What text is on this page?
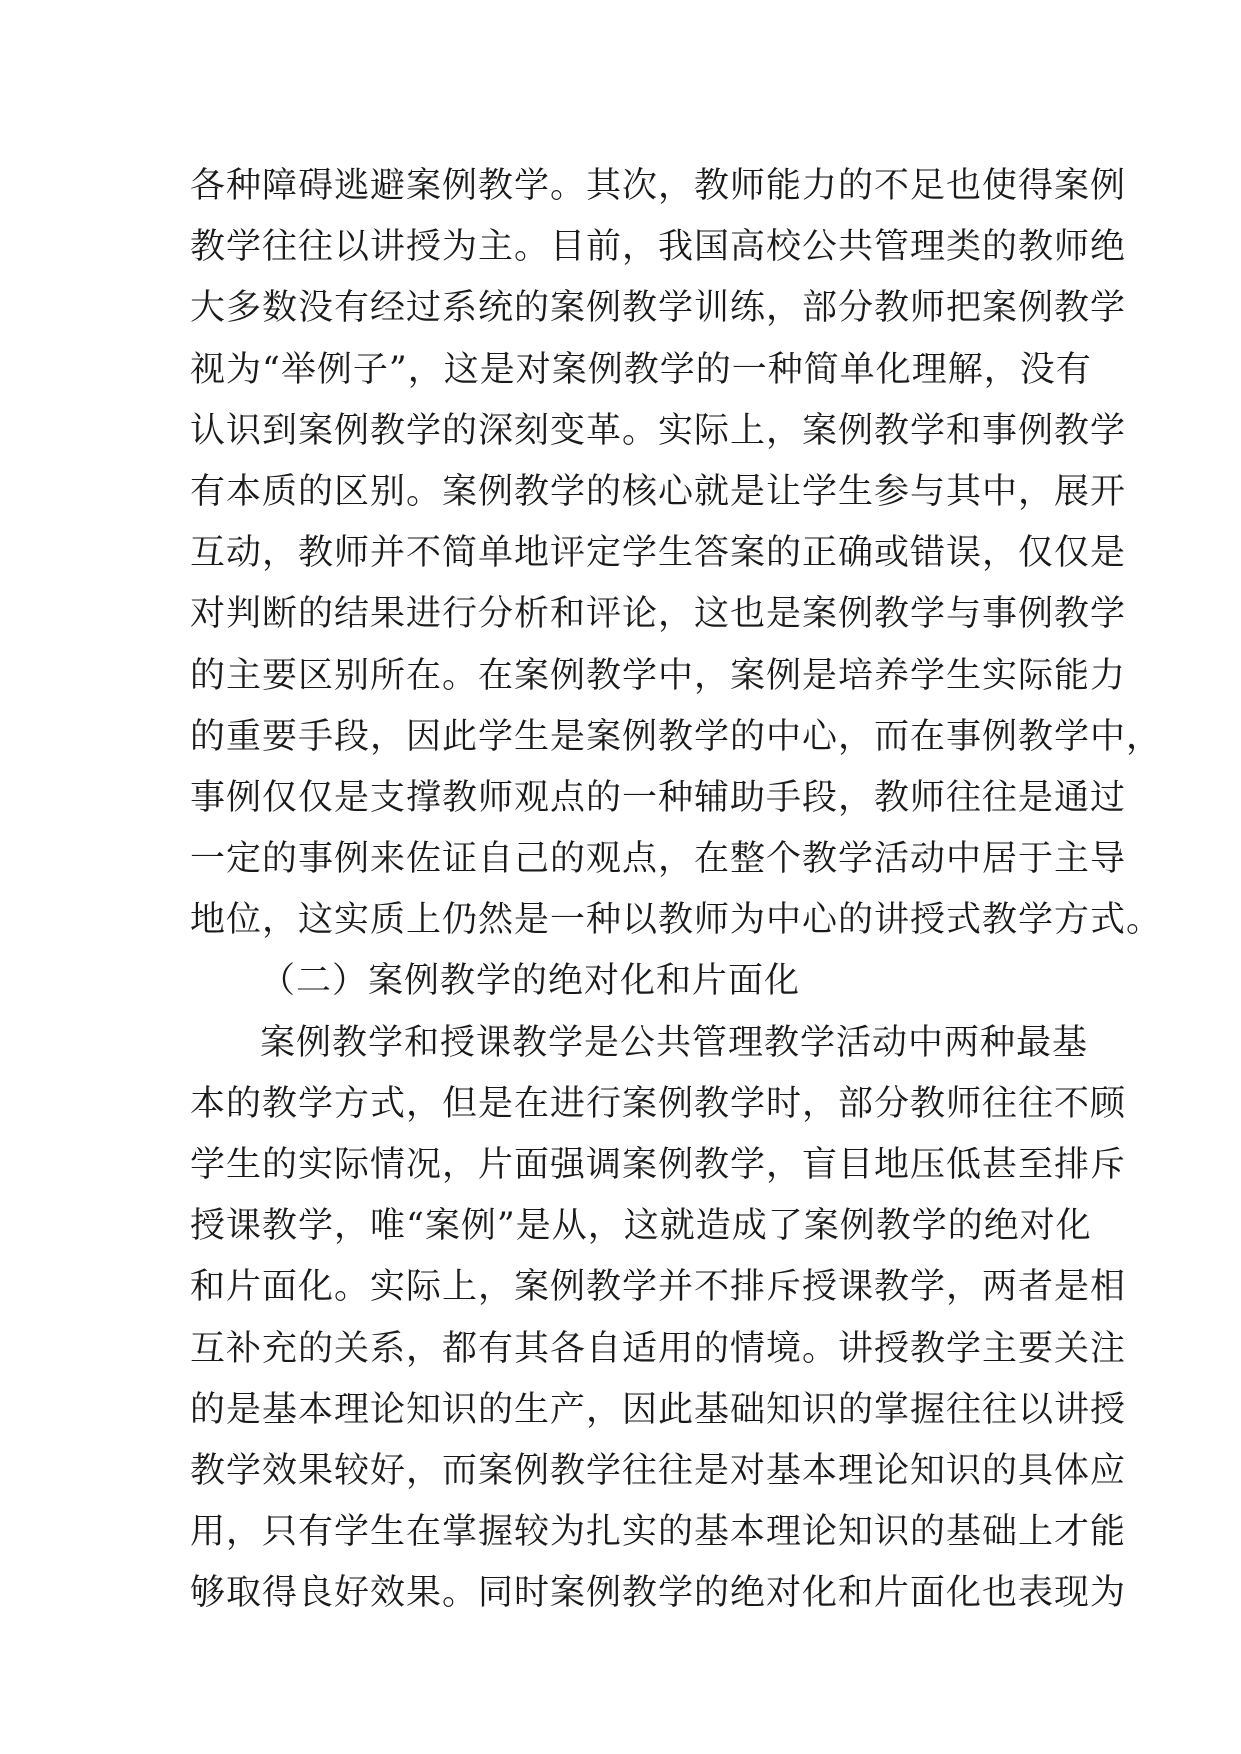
各种障碍逃避案例教学。其次，教师能力的不足也使得案例
教学往往以讲授为主。目前，我国高校公共管理类的教师绝
大多数没有经过系统的案例教学训练，部分教师把案例教学
视为“举例子”，这是对案例教学的一种简单化理解，没有
认识到案例教学的深刻变革。实际上，案例教学和事例教学
有本质的区别。案例教学的核心就是让学生参与其中，展开
互动，教师并不简单地评定学生答案的正确或错误，仅仅是
对判断的结果进行分析和评论，这也是案例教学与事例教学
的主要区别所在。在案例教学中，案例是培养学生实际能力
的重要手段，因此学生是案例教学的中心，而在事例教学中，
事例仅仅是支撑教师观点的一种辅助手段，教师往往是通过
一定的事例来佐证自己的观点，在整个教学活动中居于主导
地位，这实质上仍然是一种以教师为中心的讲授式教学方式。
（二）案例教学的绝对化和片面化
案例教学和授课教学是公共管理教学活动中两种最基
本的教学方式，但是在进行案例教学时，部分教师往往不顾
学生的实际情况，片面强调案例教学，盲目地压低甚至排斥
授课教学，唯“案例”是从，这就造成了案例教学的绝对化
和片面化。实际上，案例教学并不排斥授课教学，两者是相
互补充的关系，都有其各自适用的情境。讲授教学主要关注
的是基本理论知识的生产，因此基础知识的掌握往往以讲授
教学效果较好，而案例教学往往是对基本理论知识的具体应
用，只有学生在掌握较为扎实的基本理论知识的基础上才能
够取得良好效果。同时案例教学的绝对化和片面化也表现为
